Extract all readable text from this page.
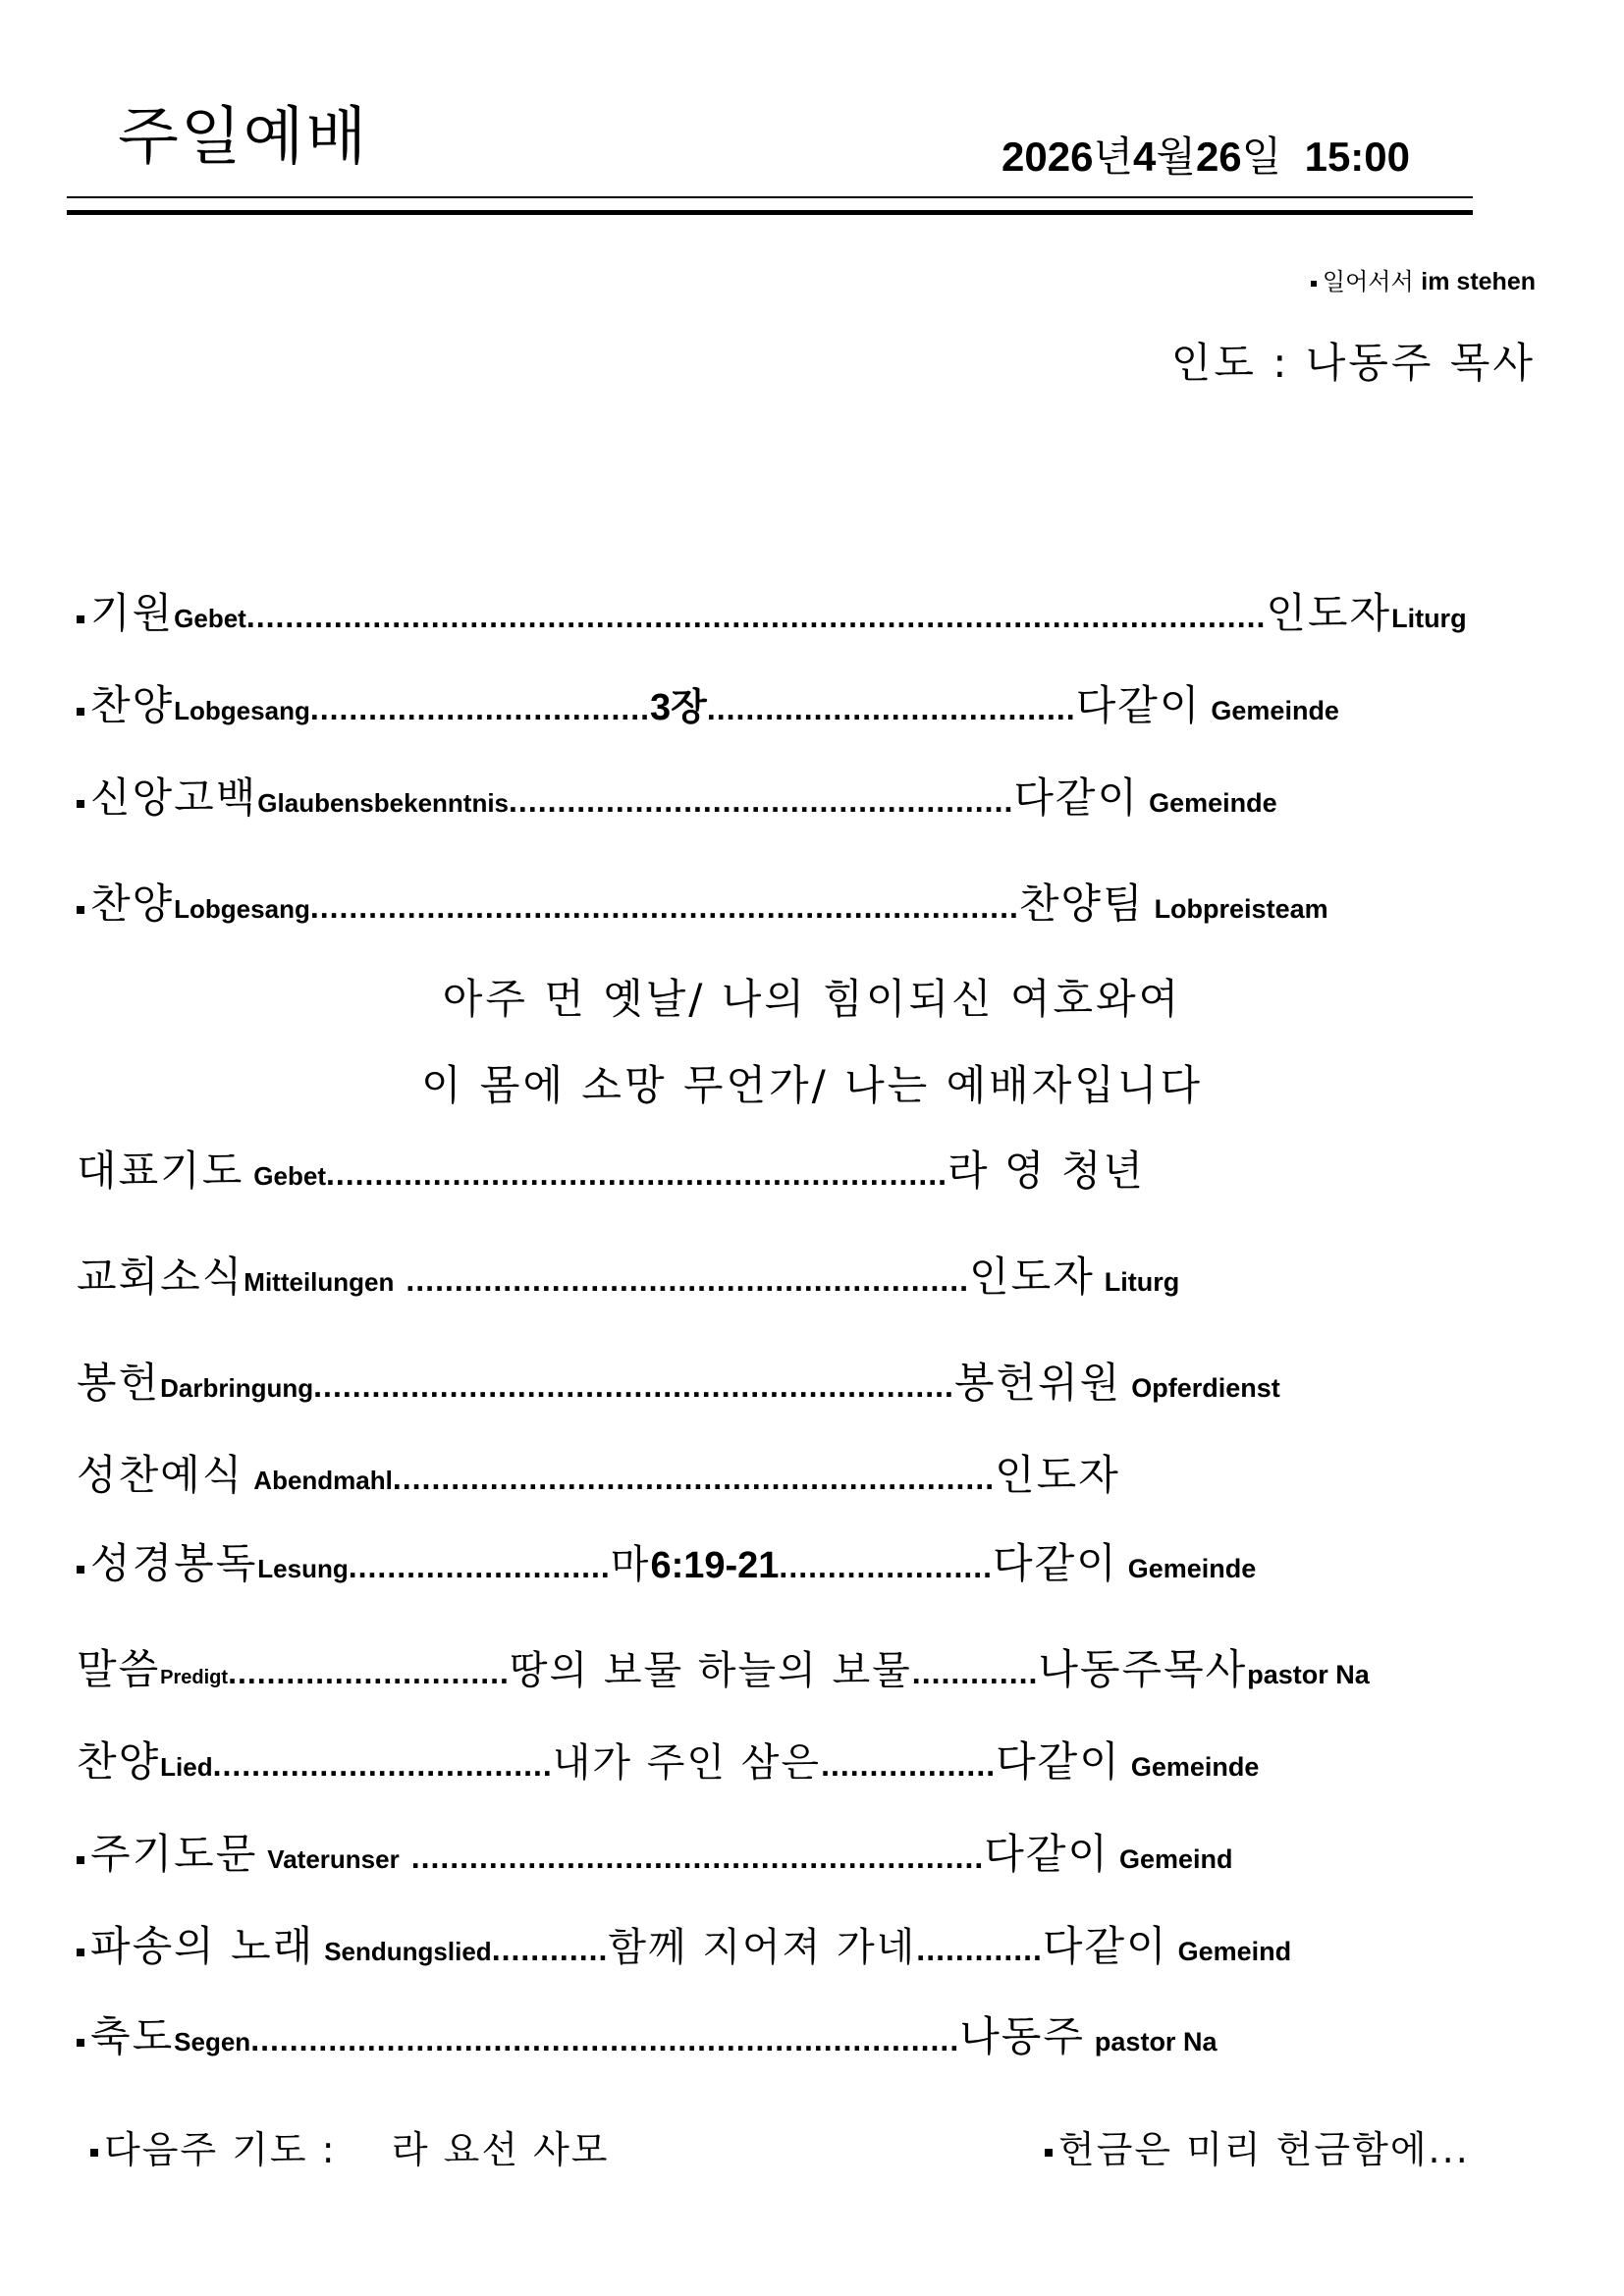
주일예배	2026년4월26일 15:00
일어서서 im stehen
인도 : 나동주 목사
기원 Gebet ......................................................................................................... 인도자 Liturg
찬양 Lobgesang ................................... 3장 ...................................... 다같이 Gemeinde
신앙고백 Glaubensbekenntnis .................................................... 다같이 Gemeinde
찬양 Lobgesang ......................................................................... 찬양팀 Lobpreisteam
아주 먼 옛날/ 나의 힘이되신 여호와여
이 몸에 소망 무언가/ 나는 예배자입니다
대표기도 Gebet ................................................................ 라 영 청년
교회소식 Mitteilungen .......................................................... 인도자 Liturg
봉헌 Darbringung .................................................................. 봉헌위원 Opferdienst
성찬예식 Abendmahl .............................................................. 인도자
성경봉독 Lesung ........................... 마 6:19-21 ...................... 다같이 Gemeinde
말씀 Predigt ............................. 땅의 보물 하늘의 보물 ............. 나동주목사 pastor Na
찬양 Lied ................................... 내가 주인 삼은 .................. 다같이 Gemeinde
주기도문 Vaterunser ........................................................... 다같이 Gemeind
파송의 노래 Sendungslied ............ 함께 지어져 가네 ............. 다같이 Gemeind
축도 Segen ......................................................................... 나동주 pastor Na
다음주 기도 :    라 요선 사모	헌금은 미리 헌금함에...
